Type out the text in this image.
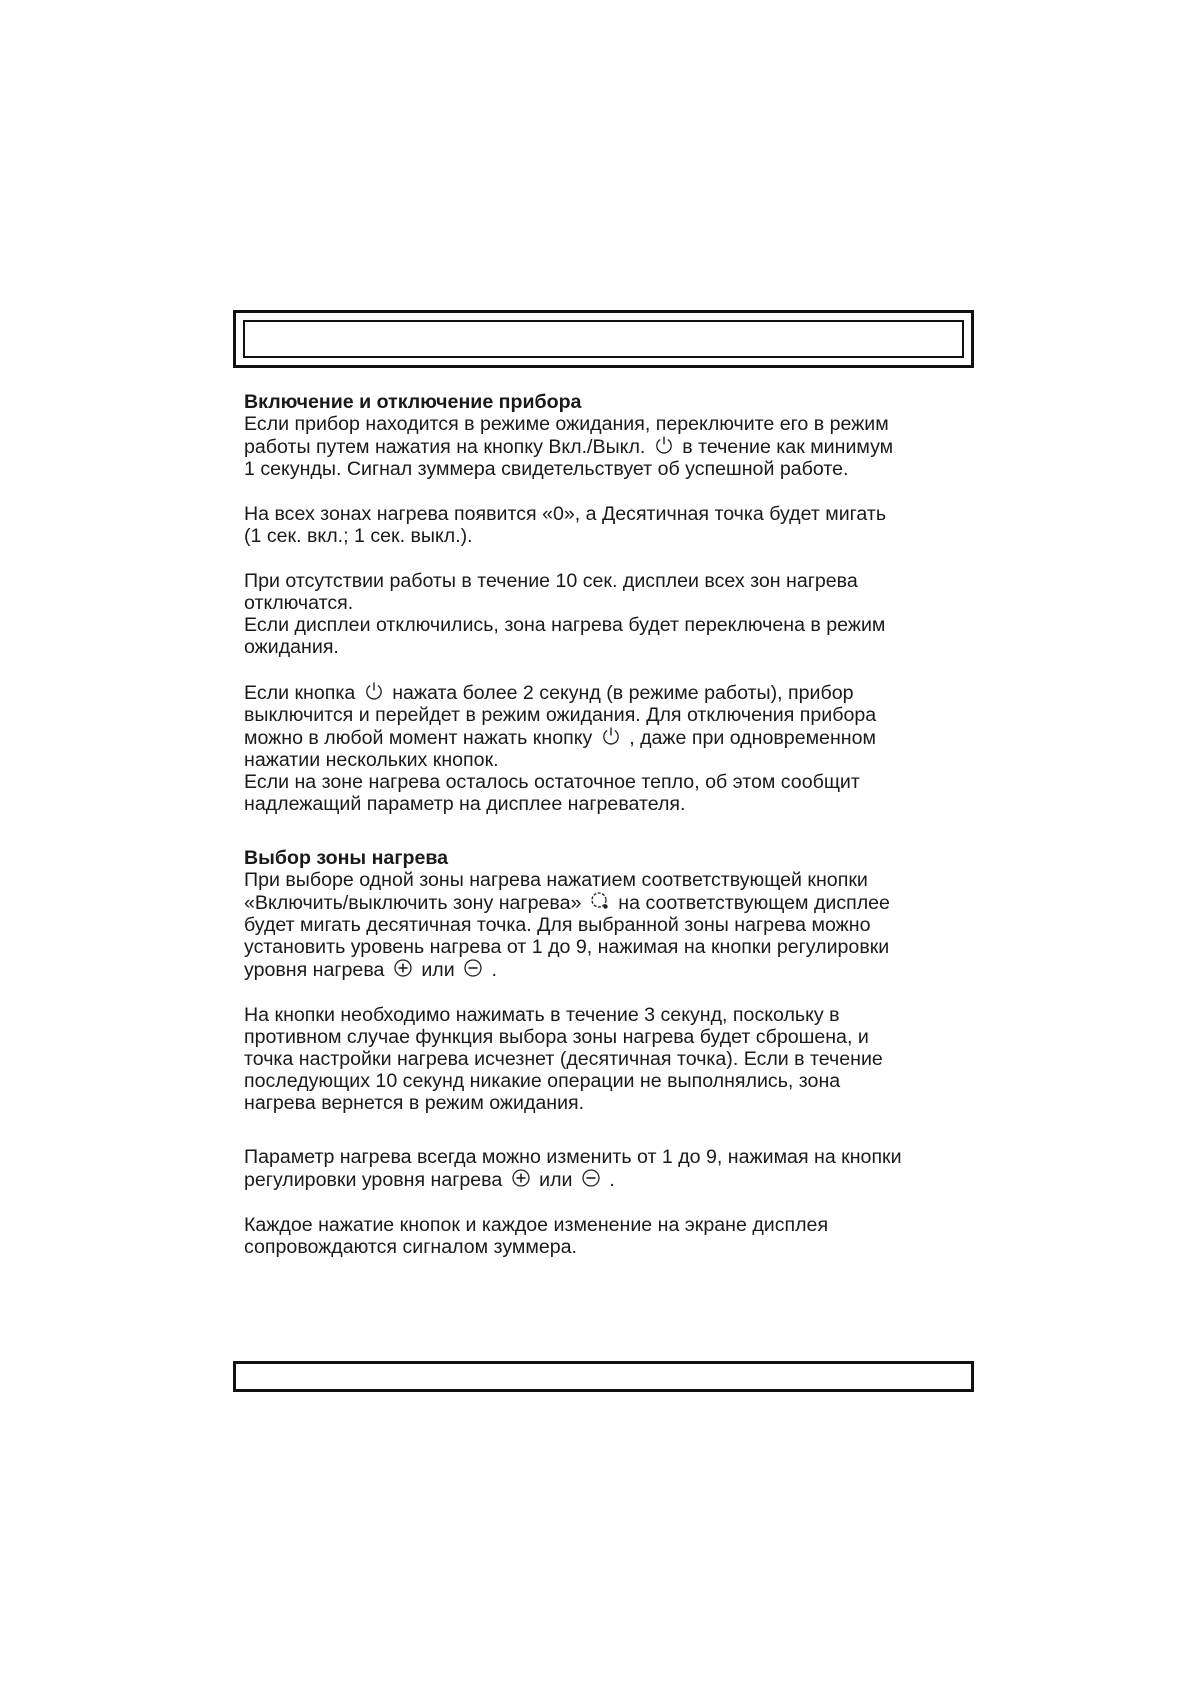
Включение и отключение прибора
Если прибор находится в режиме ожидания, переключите его в режим
работы путем нажатия на кнопку Вкл./Выкл. в течение как минимум
1 секунды. Сигнал зуммера свидетельствует об успешной работе.
На всех зонах нагрева появится «0», а Десятичная точка будет мигать
(1 сек. вкл.; 1 сек. выкл.).
При отсутствии работы в течение 10 сек. дисплеи всех зон нагрева
отключатся.
Если дисплеи отключились, зона нагрева будет переключена в режим
ожидания.
Если кнопка нажата более 2 секунд (в режиме работы), прибор
выключится и перейдет в режим ожидания. Для отключения прибора
можно в любой момент нажать кнопку , даже при одновременном
нажатии нескольких кнопок.
Если на зоне нагрева осталось остаточное тепло, об этом сообщит
надлежащий параметр на дисплее нагревателя.
Выбор зоны нагрева
При выборе одной зоны нагрева нажатием соответствующей кнопки
«Включить/выключить зону нагрева» на соответствующем дисплее
будет мигать десятичная точка. Для выбранной зоны нагрева можно
установить уровень нагрева от 1 до 9, нажимая на кнопки регулировки
уровня нагрева или .
На кнопки необходимо нажимать в течение 3 секунд, поскольку в
противном случае функция выбора зоны нагрева будет сброшена, и
точка настройки нагрева исчезнет (десятичная точка). Если в течение
последующих 10 секунд никакие операции не выполнялись, зона
нагрева вернется в режим ожидания.
Параметр нагрева всегда можно изменить от 1 до 9, нажимая на кнопки
регулировки уровня нагрева или .
Каждое нажатие кнопок и каждое изменение на экране дисплея
сопровождаются сигналом зуммера.
